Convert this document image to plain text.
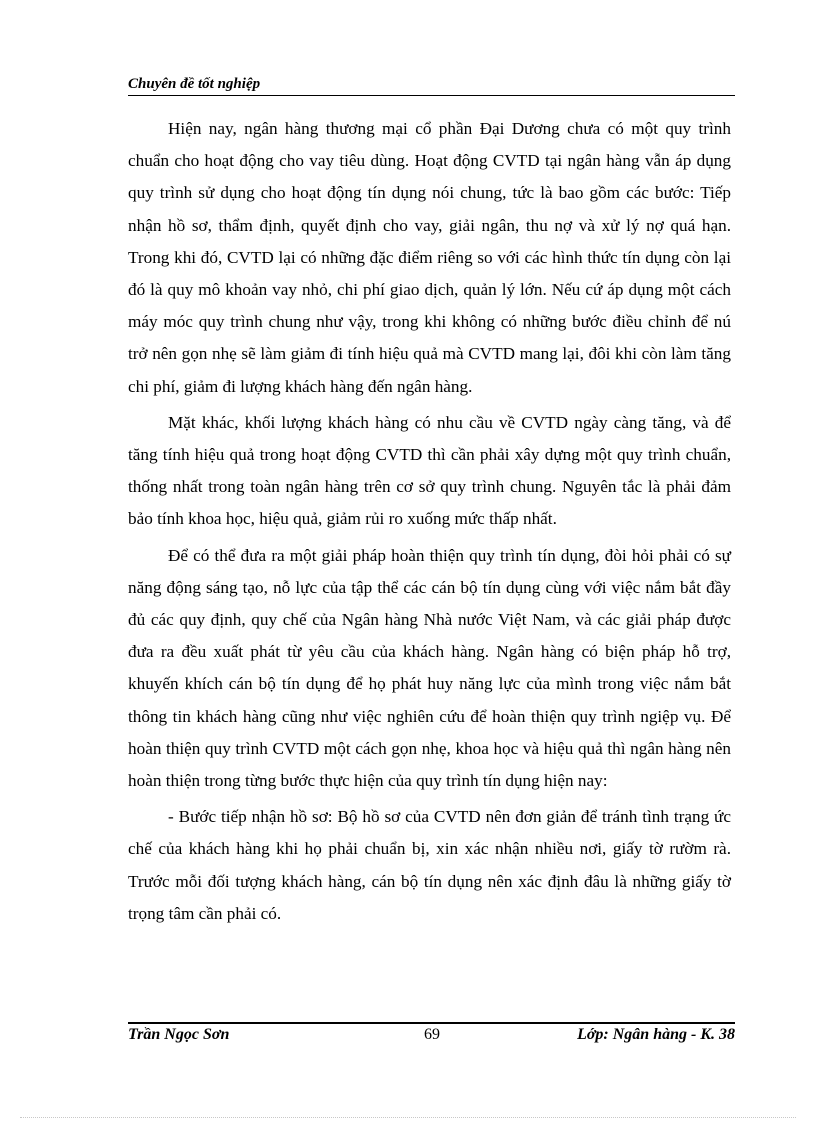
Chuyên đề tốt nghiệp

Hiện nay, ngân hàng thương mại cổ phần Đại Dương chưa có một quy trình chuẩn cho hoạt động cho vay tiêu dùng. Hoạt động CVTD tại ngân hàng vẫn áp dụng quy trình sử dụng cho hoạt động tín dụng nói chung, tức là bao gồm các bước: Tiếp nhận hồ sơ, thẩm định, quyết định cho vay, giải ngân, thu nợ và xử lý nợ quá hạn. Trong khi đó, CVTD lại có những đặc điểm riêng so với các hình thức tín dụng còn lại đó là quy mô khoản vay nhỏ, chi phí giao dịch, quản lý lớn. Nếu cứ áp dụng một cách máy móc quy trình chung như vậy, trong khi không có những bước điều chỉnh để nú trở nên gọn nhẹ sẽ làm giảm đi tính hiệu quả mà CVTD mang lại, đôi khi còn làm tăng chi phí, giảm đi lượng khách hàng đến ngân hàng.

Mặt khác, khối lượng khách hàng có nhu cầu về CVTD ngày càng tăng, và để tăng tính hiệu quả trong hoạt động CVTD thì cần phải xây dựng một quy trình chuẩn, thống nhất trong toàn ngân hàng trên cơ sở quy trình chung. Nguyên tắc là phải đảm bảo tính khoa học, hiệu quả, giảm rủi ro xuống mức thấp nhất.

Để có thể đưa ra một giải pháp hoàn thiện quy trình tín dụng, đòi hỏi phải có sự năng động sáng tạo, nỗ lực của tập thể các cán bộ tín dụng cùng với việc nắm bắt đầy đủ các quy định, quy chế của Ngân hàng Nhà nước Việt Nam, và các giải pháp được đưa ra đều xuất phát từ yêu cầu của khách hàng. Ngân hàng có biện pháp hỗ trợ, khuyến khích cán bộ tín dụng để họ phát huy năng lực của mình trong việc nắm bắt thông tin khách hàng cũng như việc nghiên cứu để hoàn thiện quy trình ngiệp vụ. Để hoàn thiện quy trình CVTD một cách gọn nhẹ, khoa học và hiệu quả thì ngân hàng nên hoàn thiện trong từng bước thực hiện của quy trình tín dụng hiện nay:

- Bước tiếp nhận hồ sơ: Bộ hồ sơ của CVTD nên đơn giản để tránh tình trạng ức chế của khách hàng khi họ phải chuẩn bị, xin xác nhận nhiều nơi, giấy tờ rườm rà. Trước mỗi đối tượng khách hàng, cán bộ tín dụng nên xác định đâu là những giấy tờ trọng tâm cần phải có.

Trần Ngọc Sơn	69	Lớp: Ngân hàng - K. 38
